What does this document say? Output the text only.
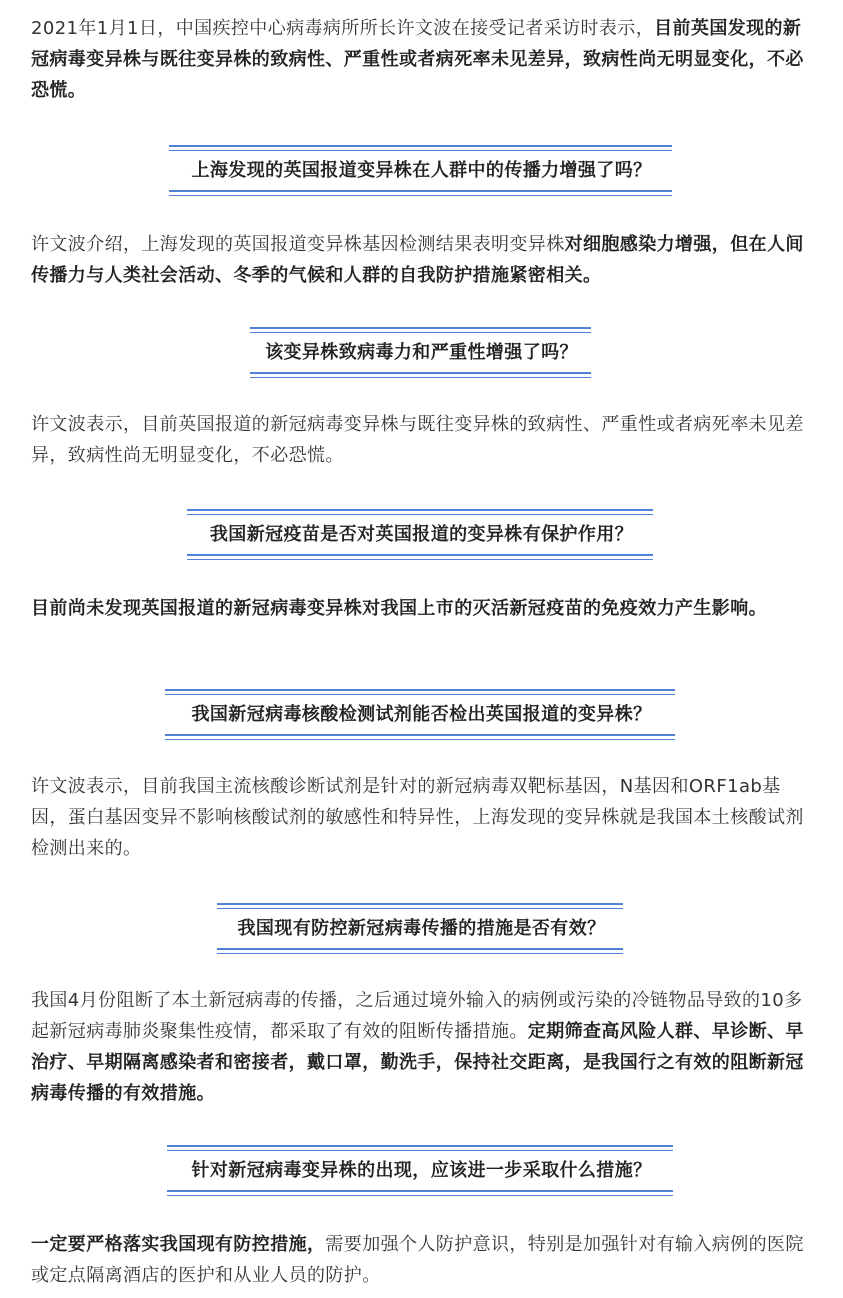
2021年1月1日，中国疾控中心病毒病所所长许文波在接受记者采访时表示，目前英国发现的新冠病毒变异株与既往变异株的致病性、严重性或者病死率未见差异，致病性尚无明显变化，不必恐慌。

上海发现的英国报道变异株在人群中的传播力增强了吗？

许文波介绍，上海发现的英国报道变异株基因检测结果表明变异株对细胞感染力增强，但在人间传播力与人类社会活动、冬季的气候和人群的自我防护措施紧密相关。

该变异株致病毒力和严重性增强了吗？

许文波表示，目前英国报道的新冠病毒变异株与既往变异株的致病性、严重性或者病死率未见差异，致病性尚无明显变化，不必恐慌。

我国新冠疫苗是否对英国报道的变异株有保护作用？

目前尚未发现英国报道的新冠病毒变异株对我国上市的灭活新冠疫苗的免疫效力产生影响。

我国新冠病毒核酸检测试剂能否检出英国报道的变异株？

许文波表示，目前我国主流核酸诊断试剂是针对的新冠病毒双靶标基因，N基因和ORF1ab基因，蛋白基因变异不影响核酸试剂的敏感性和特异性，上海发现的变异株就是我国本土核酸试剂检测出来的。

我国现有防控新冠病毒传播的措施是否有效？

我国4月份阻断了本土新冠病毒的传播，之后通过境外输入的病例或污染的冷链物品导致的10多起新冠病毒肺炎聚集性疫情，都采取了有效的阻断传播措施。定期筛查高风险人群、早诊断、早治疗、早期隔离感染者和密接者，戴口罩，勤洗手，保持社交距离，是我国行之有效的阻断新冠病毒传播的有效措施。

针对新冠病毒变异株的出现，应该进一步采取什么措施？

一定要严格落实我国现有防控措施，需要加强个人防护意识，特别是加强针对有输入病例的医院或定点隔离酒店的医护和从业人员的防护。
